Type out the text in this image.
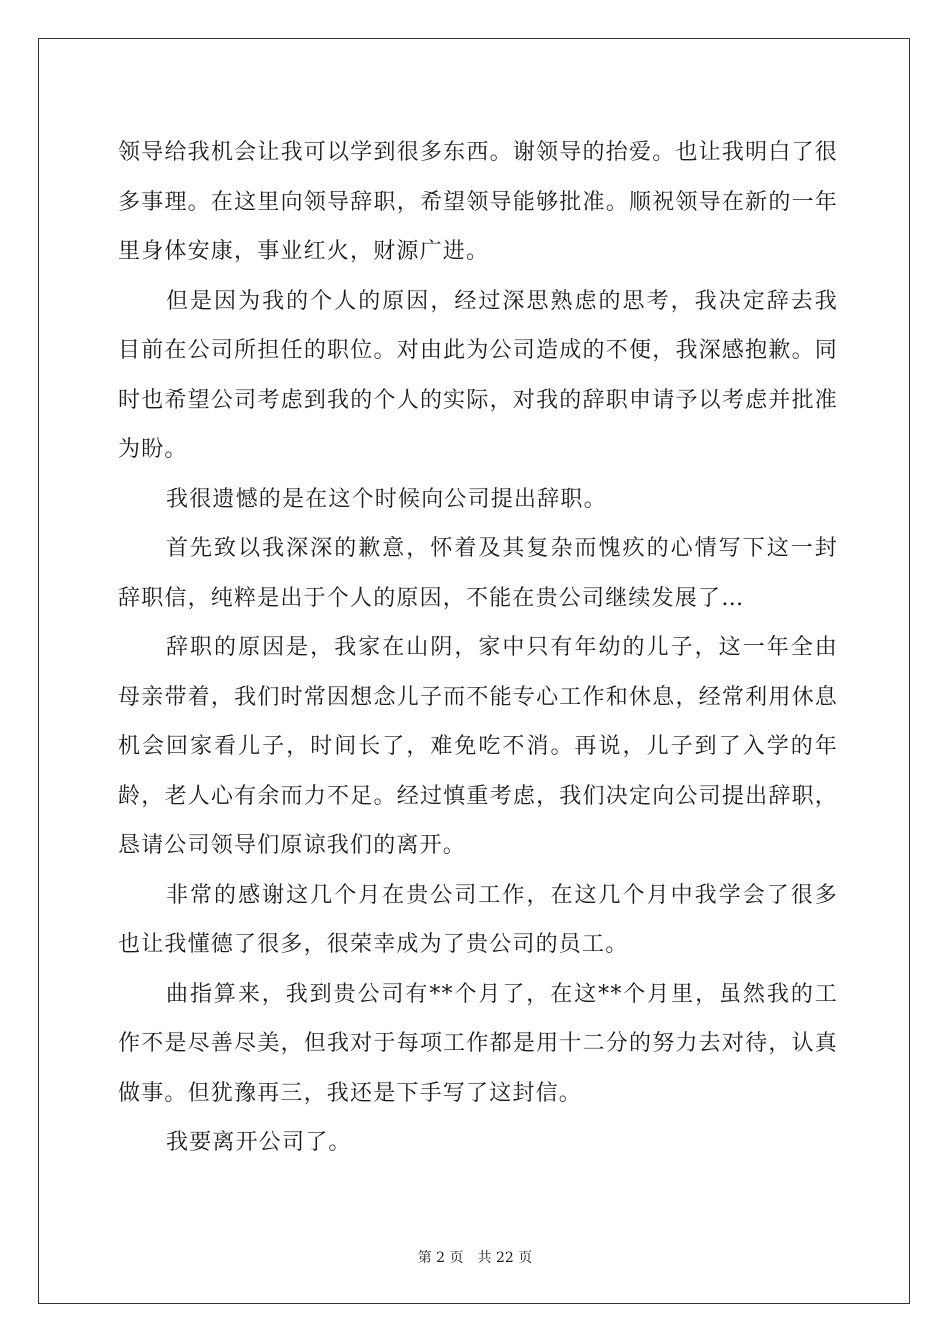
领导给我机会让我可以学到很多东西。谢领导的抬爱。也让我明白了很多事理。在这里向领导辞职，希望领导能够批准。顺祝领导在新的一年里身体安康，事业红火，财源广进。

但是因为我的个人的原因，经过深思熟虑的思考，我决定辞去我目前在公司所担任的职位。对由此为公司造成的不便，我深感抱歉。同时也希望公司考虑到我的个人的实际，对我的辞职申请予以考虑并批准为盼。

我很遗憾的是在这个时候向公司提出辞职。

首先致以我深深的歉意，怀着及其复杂而愧疚的心情写下这一封辞职信，纯粹是出于个人的原因，不能在贵公司继续发展了…

辞职的原因是，我家在山阴，家中只有年幼的儿子，这一年全由母亲带着，我们时常因想念儿子而不能专心工作和休息，经常利用休息机会回家看儿子，时间长了，难免吃不消。再说，儿子到了入学的年龄，老人心有余而力不足。经过慎重考虑，我们决定向公司提出辞职，恳请公司领导们原谅我们的离开。

非常的感谢这几个月在贵公司工作，在这几个月中我学会了很多也让我懂德了很多，很荣幸成为了贵公司的员工。

曲指算来，我到贵公司有**个月了，在这**个月里，虽然我的工作不是尽善尽美，但我对于每项工作都是用十二分的努力去对待，认真做事。但犹豫再三，我还是下手写了这封信。

我要离开公司了。

第 2 页 共 22 页
